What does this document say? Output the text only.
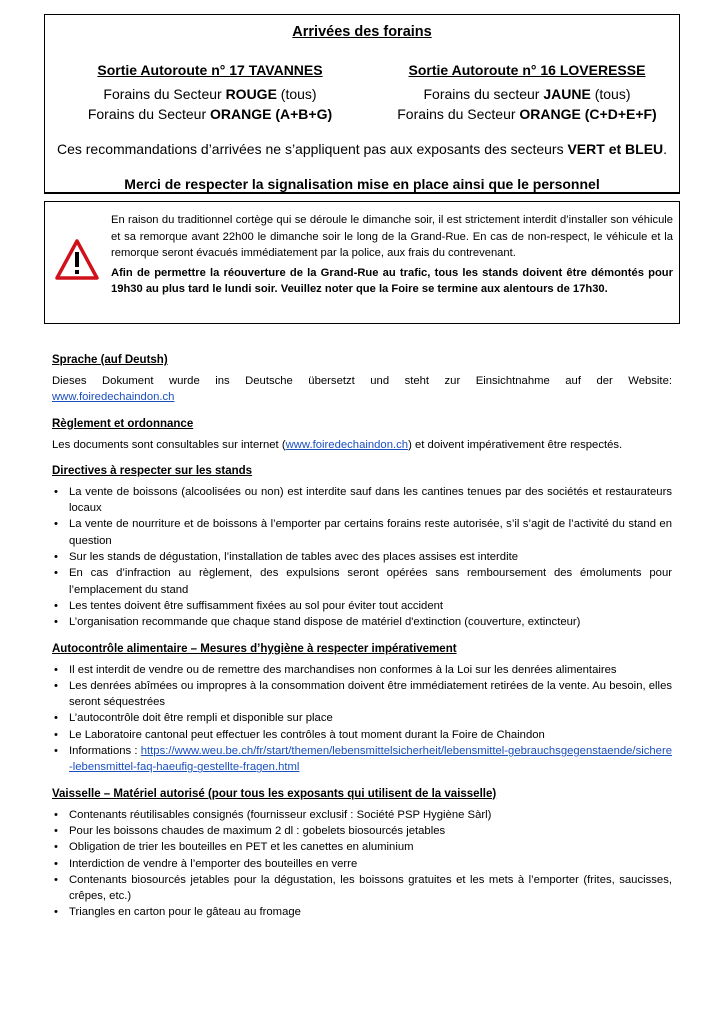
Arrivées des forains
Sortie Autoroute n° 17 TAVANNES
Forains du Secteur ROUGE (tous)
Forains du Secteur ORANGE (A+B+G)
Sortie Autoroute n° 16 LOVERESSE
Forains du secteur JAUNE (tous)
Forains du Secteur ORANGE (C+D+E+F)
Ces recommandations d’arrivées ne s’appliquent pas aux exposants des secteurs VERT et BLEU.
Merci de respecter la signalisation mise en place ainsi que le personnel

En raison du traditionnel cortège qui se déroule le dimanche soir, il est strictement interdit d’installer son véhicule et sa remorque avant 22h00 le dimanche soir le long de la Grand-Rue. En cas de non-respect, le véhicule et la remorque seront évacués immédiatement par la police, aux frais du contrevenant.

Afin de permettre la réouverture de la Grand-Rue au trafic, tous les stands doivent être démontés pour 19h30 au plus tard le lundi soir. Veuillez noter que la Foire se termine aux alentours de 17h30.

Sprache (auf Deutsh)

Dieses Dokument wurde ins Deutsche übersetzt und steht zur Einsichtnahme auf der Website:

www.foiredechaindon.ch

Règlement et ordonnance

Les documents sont consultables sur internet (www.foiredechaindon.ch) et doivent impérativement être respectés.

Directives à respecter sur les stands
• La vente de boissons (alcoolisées ou non) est interdite sauf dans les cantines tenues par des sociétés et restaurateurs locaux
• La vente de nourriture et de boissons à l’emporter par certains forains reste autorisée, s’il s’agit de l’activité du stand en question
• Sur les stands de dégustation, l’installation de tables avec des places assises est interdite
• En cas d’infraction au règlement, des expulsions seront opérées sans remboursement des émoluments pour l’emplacement du stand
• Les tentes doivent être suffisamment fixées au sol pour éviter tout accident
• L’organisation recommande que chaque stand dispose de matériel d'extinction (couverture, extincteur)
Autocontrôle alimentaire – Mesures d’hygiène à respecter impérativement
• Il est interdit de vendre ou de remettre des marchandises non conformes à la Loi sur les denrées alimentaires
• Les denrées abîmées ou impropres à la consommation doivent être immédiatement retirées de la vente. Au besoin, elles seront séquestrées
• L’autocontrôle doit être rempli et disponible sur place
• Le Laboratoire cantonal peut effectuer les contrôles à tout moment durant la Foire de Chaindon
• Informations : https://www.weu.be.ch/fr/start/themen/lebensmittelsicherheit/lebensmittel-gebrauchsgegenstaende/sichere-lebensmittel-faq-haeufig-gestellte-fragen.html
Vaisselle – Matériel autorisé (pour tous les exposants qui utilisent de la vaisselle)
• Contenants réutilisables consignés (fournisseur exclusif : Société PSP Hygiène Sàrl)
• Pour les boissons chaudes de maximum 2 dl : gobelets biosourcés jetables
• Obligation de trier les bouteilles en PET et les canettes en aluminium
• Interdiction de vendre à l’emporter des bouteilles en verre
• Contenants biosourcés jetables pour la dégustation, les boissons gratuites et les mets à l’emporter (frites, saucisses, crêpes, etc.)
• Triangles en carton pour le gâteau au fromage
